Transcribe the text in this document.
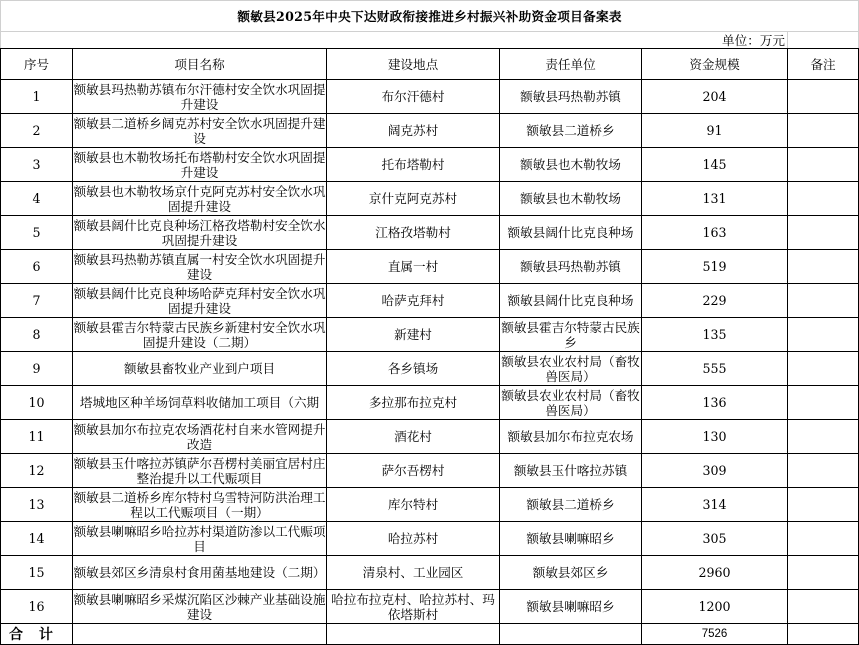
额敏县2025年中央下达财政衔接推进乡村振兴补助资金项目备案表					
单位：万元					
序号	项目名称	建设地点	责任单位	资金规模	备注
1	额敏县玛热勒苏镇布尔汗德村安全饮水巩固提升建设	布尔汗德村	额敏县玛热勒苏镇	204	
2	额敏县二道桥乡阔克苏村安全饮水巩固提升建设	阔克苏村	额敏县二道桥乡	91	
3	额敏县也木勒牧场托布塔勒村安全饮水巩固提升建设	托布塔勒村	额敏县也木勒牧场	145	
4	额敏县也木勒牧场京什克阿克苏村安全饮水巩固提升建设	京什克阿克苏村	额敏县也木勒牧场	131	
5	额敏县阔什比克良种场江格孜塔勒村安全饮水巩固提升建设	江格孜塔勒村	额敏县阔什比克良种场	163	
6	额敏县玛热勒苏镇直属一村安全饮水巩固提升建设	直属一村	额敏县玛热勒苏镇	519	
7	额敏县阔什比克良种场哈萨克拜村安全饮水巩固提升建设	哈萨克拜村	额敏县阔什比克良种场	229	
8	额敏县霍吉尔特蒙古民族乡新建村安全饮水巩固提升建设（二期）	新建村	额敏县霍吉尔特蒙古民族乡	135	
9	额敏县畜牧业产业到户项目	各乡镇场	额敏县农业农村局（畜牧兽医局）	555	
10	塔城地区种羊场饲草料收储加工项目（六期	多拉那布拉克村	额敏县农业农村局（畜牧兽医局）	136	
11	额敏县加尔布拉克农场酒花村自来水管网提升改造	酒花村	额敏县加尔布拉克农场	130	
12	额敏县玉什喀拉苏镇萨尔吾楞村美丽宜居村庄整治提升以工代赈项目	萨尔吾楞村	额敏县玉什喀拉苏镇	309	
13	额敏县二道桥乡库尔特村乌雪特河防洪治理工程以工代赈项目（一期）	库尔特村	额敏县二道桥乡	314	
14	额敏县喇嘛昭乡哈拉苏村渠道防渗以工代赈项目	哈拉苏村	额敏县喇嘛昭乡	305	
15	额敏县郊区乡清泉村食用菌基地建设（二期）	清泉村、工业园区	额敏县郊区乡	2960	
16	额敏县喇嘛昭乡采煤沉陷区沙棘产业基础设施建设	哈拉布拉克村、哈拉苏村、玛依塔斯村	额敏县喇嘛昭乡	1200	
合 计				7526	
